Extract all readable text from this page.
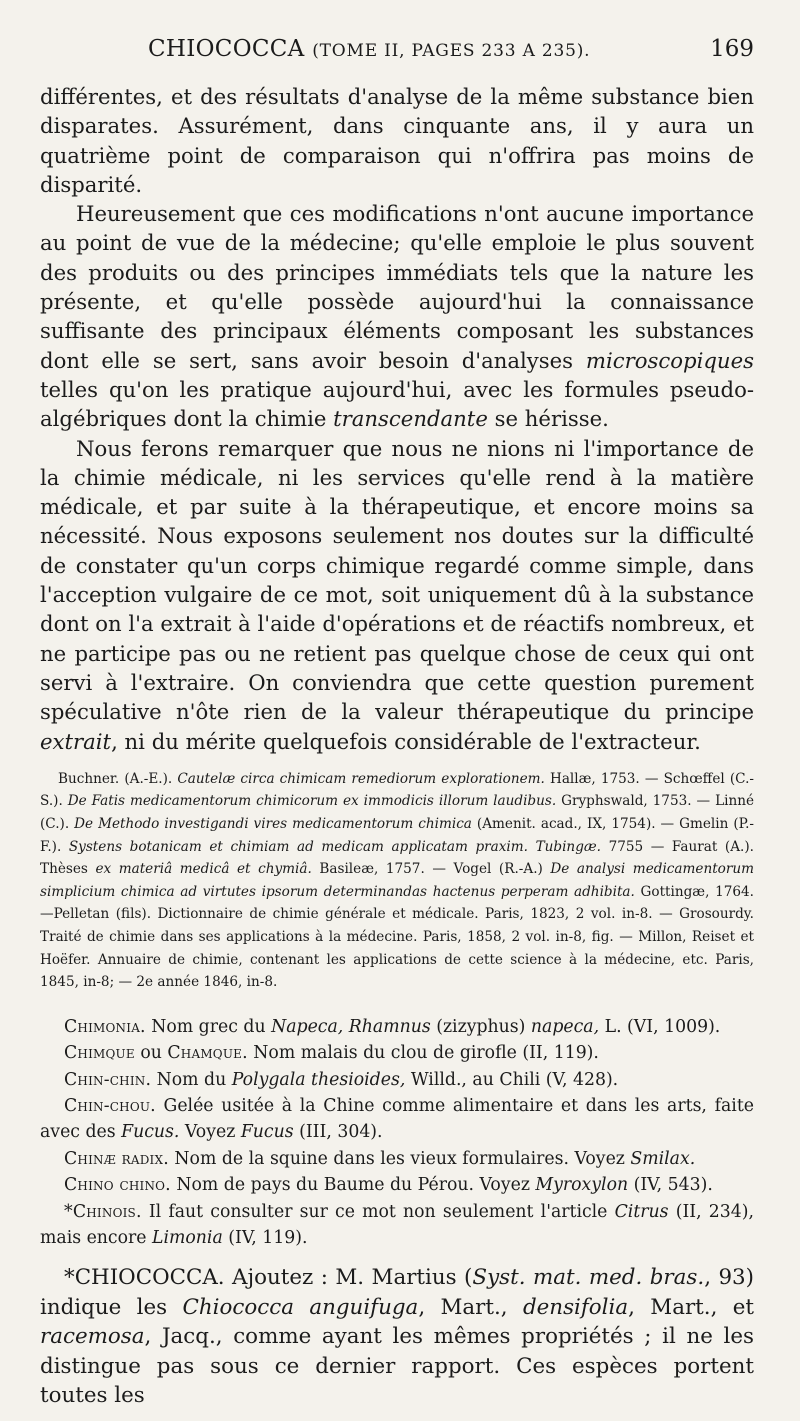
CHIOCOCCA (TOME II, PAGES 233 A 235).	169

différentes, et des résultats d'analyse de la même substance bien disparates. Assurément, dans cinquante ans, il y aura un quatrième point de comparaison qui n'offrira pas moins de disparité.

Heureusement que ces modifications n'ont aucune importance au point de vue de la médecine; qu'elle emploie le plus souvent des produits ou des principes immédiats tels que la nature les présente, et qu'elle possède aujourd'hui la connaissance suffisante des principaux éléments composant les substances dont elle se sert, sans avoir besoin d'analyses microscopiques telles qu'on les pratique aujourd'hui, avec les formules pseudo-algébriques dont la chimie transcendante se hérisse.

Nous ferons remarquer que nous ne nions ni l'importance de la chimie médicale, ni les services qu'elle rend à la matière médicale, et par suite à la thérapeutique, et encore moins sa nécessité. Nous exposons seulement nos doutes sur la difficulté de constater qu'un corps chimique regardé comme simple, dans l'acception vulgaire de ce mot, soit uniquement dû à la substance dont on l'a extrait à l'aide d'opérations et de réactifs nombreux, et ne participe pas ou ne retient pas quelque chose de ceux qui ont servi à l'extraire. On conviendra que cette question purement spéculative n'ôte rien de la valeur thérapeutique du principe extrait, ni du mérite quelquefois considérable de l'extracteur.

Buchner. (A.-E.). Cautelæ circa chimicam remediorum explorationem. Hallæ, 1753. — Schœffel (C.-S.). De Fatis medicamentorum chimicorum ex immodicis illorum laudibus. Gryphswald, 1753. — Linné (C.). De Methodo investigandi vires medicamentorum chimica (Amenit. acad., IX, 1754). — Gmelin (P.-F.). Systens botanicam et chimiam ad medicam applicatam praxim. Tubingæ. 7755 — Faurat (A.). Thèses ex materiâ medicâ et chymiâ. Basileæ, 1757. — Vogel (R.-A.) De analysi medicamentorum simplicium chimica ad virtutes ipsorum determinandas hactenus perperam adhibita. Gottingæ, 1764.—Pelletan (fils). Dictionnaire de chimie générale et médicale. Paris, 1823, 2 vol. in-8. — Grosourdy. Traité de chimie dans ses applications à la médecine. Paris, 1858, 2 vol. in-8, fig. — Millon, Reiset et Hoëfer. Annuaire de chimie, contenant les applications de cette science à la médecine, etc. Paris, 1845, in-8; — 2e année 1846, in-8.

Chimonia. Nom grec du Napeca, Rhamnus (zizyphus) napeca, L. (VI, 1009).

Chimque ou Chamque. Nom malais du clou de girofle (II, 119).

Chin-chin. Nom du Polygala thesioides, Willd., au Chili (V, 428).

Chin-chou. Gelée usitée à la Chine comme alimentaire et dans les arts, faite avec des Fucus. Voyez Fucus (III, 304).

Chinæ radix. Nom de la squine dans les vieux formulaires. Voyez Smilax.

Chino chino. Nom de pays du Baume du Pérou. Voyez Myroxylon (IV, 543).

*Chinois. Il faut consulter sur ce mot non seulement l'article Citrus (II, 234), mais encore Limonia (IV, 119).

*CHIOCOCCA. Ajoutez : M. Martius (Syst. mat. med. bras., 93) indique les Chiococca anguifuga, Mart., densifolia, Mart., et racemosa, Jacq., comme ayant les mêmes propriétés ; il ne les distingue pas sous ce dernier rapport. Ces espèces portent toutes les
